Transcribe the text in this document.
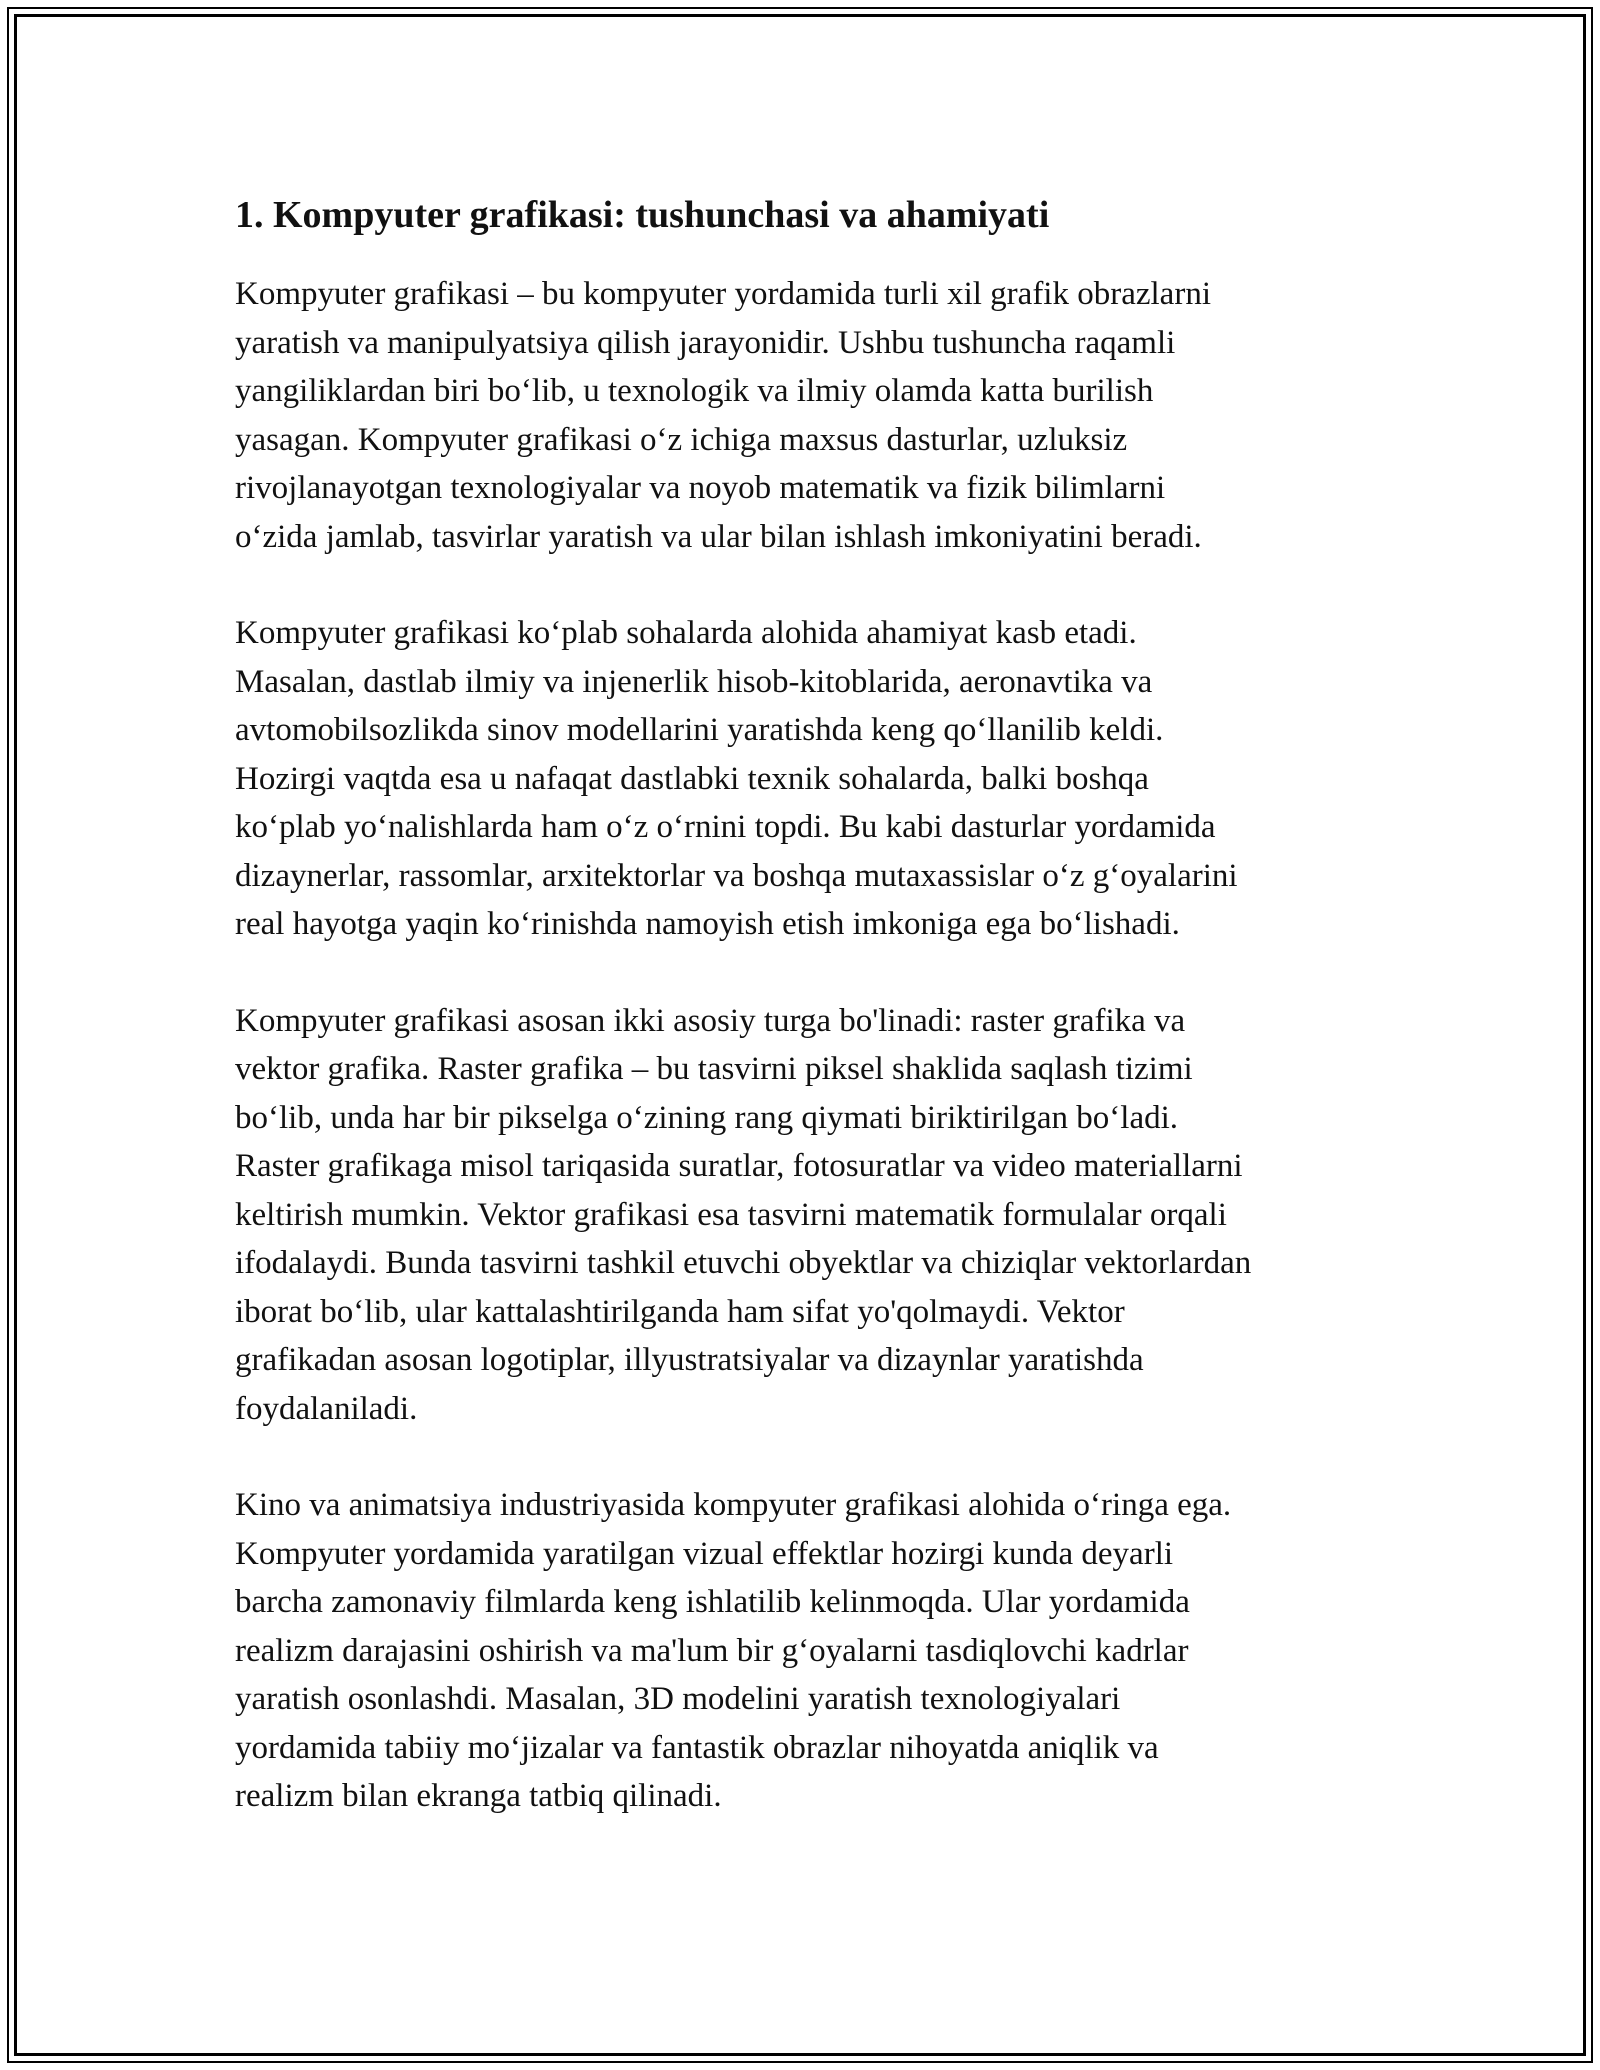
1. Kompyuter grafikasi: tushunchasi va ahamiyati

Kompyuter grafikasi – bu kompyuter yordamida turli xil grafik obrazlarni
yaratish va manipulyatsiya qilish jarayonidir. Ushbu tushuncha raqamli
yangiliklardan biri boʻlib, u texnologik va ilmiy olamda katta burilish
yasagan. Kompyuter grafikasi oʻz ichiga maxsus dasturlar, uzluksiz
rivojlanayotgan texnologiyalar va noyob matematik va fizik bilimlarni
oʻzida jamlab, tasvirlar yaratish va ular bilan ishlash imkoniyatini beradi.

Kompyuter grafikasi koʻplab sohalarda alohida ahamiyat kasb etadi.
Masalan, dastlab ilmiy va injenerlik hisob-kitoblarida, aeronavtika va
avtomobilsozlikda sinov modellarini yaratishda keng qoʻllanilib keldi.
Hozirgi vaqtda esa u nafaqat dastlabki texnik sohalarda, balki boshqa
koʻplab yoʻnalishlarda ham oʻz oʻrnini topdi. Bu kabi dasturlar yordamida
dizaynerlar, rassomlar, arxitektorlar va boshqa mutaxassislar oʻz gʻoyalarini
real hayotga yaqin koʻrinishda namoyish etish imkoniga ega boʻlishadi.

Kompyuter grafikasi asosan ikki asosiy turga bo'linadi: raster grafika va
vektor grafika. Raster grafika – bu tasvirni piksel shaklida saqlash tizimi
boʻlib, unda har bir pikselga oʻzining rang qiymati biriktirilgan boʻladi.
Raster grafikaga misol tariqasida suratlar, fotosuratlar va video materiallarni
keltirish mumkin. Vektor grafikasi esa tasvirni matematik formulalar orqali
ifodalaydi. Bunda tasvirni tashkil etuvchi obyektlar va chiziqlar vektorlardan
iborat boʻlib, ular kattalashtirilganda ham sifat yo'qolmaydi. Vektor
grafikadan asosan logotiplar, illyustratsiyalar va dizaynlar yaratishda
foydalaniladi.

Kino va animatsiya industriyasida kompyuter grafikasi alohida oʻringa ega.
Kompyuter yordamida yaratilgan vizual effektlar hozirgi kunda deyarli
barcha zamonaviy filmlarda keng ishlatilib kelinmoqda. Ular yordamida
realizm darajasini oshirish va ma'lum bir gʻoyalarni tasdiqlovchi kadrlar
yaratish osonlashdi. Masalan, 3D modelini yaratish texnologiyalari
yordamida tabiiy moʻjizalar va fantastik obrazlar nihoyatda aniqlik va
realizm bilan ekranga tatbiq qilinadi.
